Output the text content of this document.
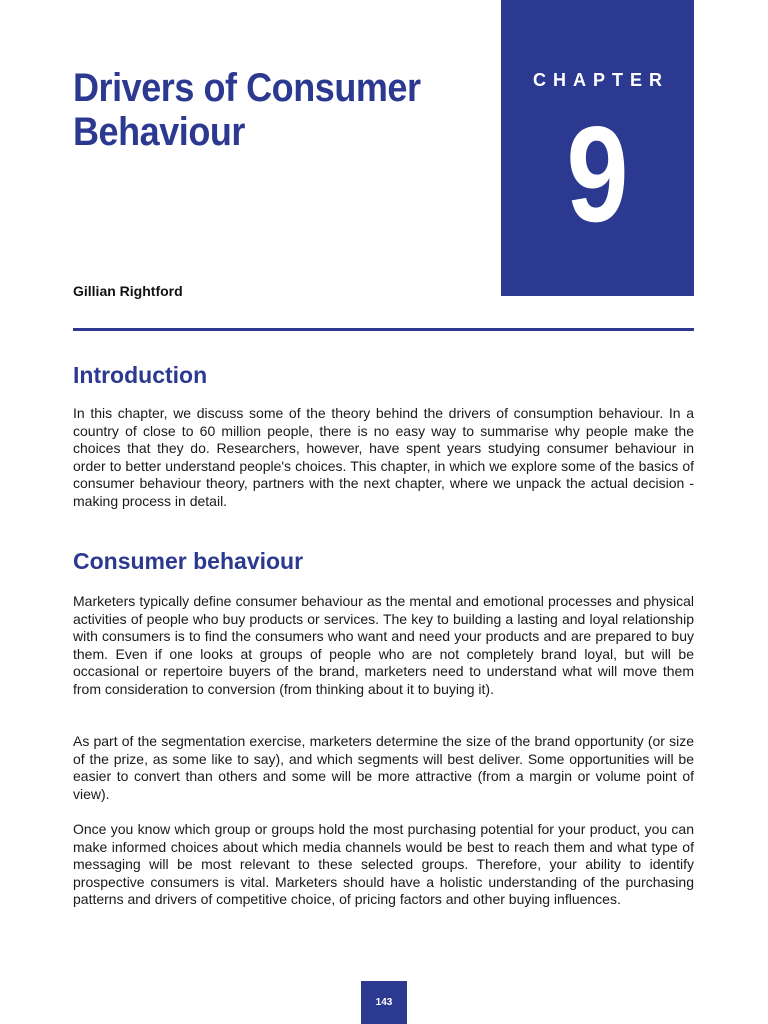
CHAPTER
9
Drivers of Consumer
Behaviour
Gillian Rightford
Introduction

In this chapter, we discuss some of the theory behind the drivers of consumption behaviour. In a country of close to 60 million people, there is no easy way to summarise why people make the choices that they do. Researchers, however, have spent years studying consumer behaviour in order to better understand people's choices. This chapter, in which we explore some of the basics of consumer behaviour theory, partners with the next chapter, where we unpack the actual decision -making process in detail.

Consumer behaviour

Marketers typically define consumer behaviour as the mental and emotional processes and physical activities of people who buy products or services. The key to building a lasting and loyal relationship with consumers is to find the consumers who want and need your products and are prepared to buy them. Even if one looks at groups of people who are not completely brand loyal, but will be occasional or repertoire buyers of the brand, marketers need to understand what will move them from consideration to conversion (from thinking about it to buying it).

As part of the segmentation exercise, marketers determine the size of the brand opportunity (or size of the prize, as some like to say), and which segments will best deliver. Some opportunities will be easier to convert than others and some will be more attractive (from a margin or volume point of view).

Once you know which group or groups hold the most purchasing potential for your product, you can make informed choices about which media channels would be best to reach them and what type of messaging will be most relevant to these selected groups. Therefore, your ability to identify prospective consumers is vital. Marketers should have a holistic understanding of the purchasing patterns and drivers of competitive choice, of pricing factors and other buying influences.

143
